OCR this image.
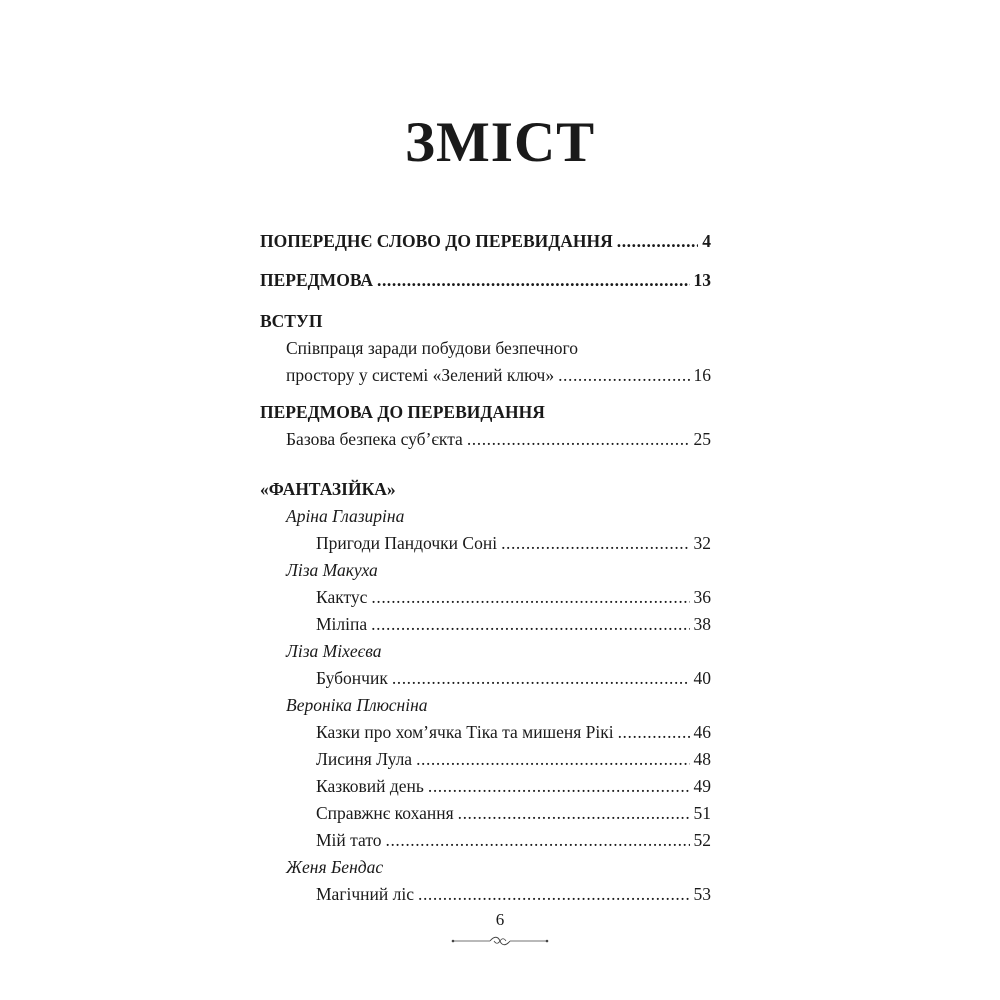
ЗМІСТ
ПОПЕРЕДНЄ СЛОВО ДО ПЕРЕВИДАННЯ . . .	4
ПЕРЕДМОВА . . .	13
ВСТУП
Співпраця заради побудови безпечного
простору у системі «Зелений ключ» . . .	16
ПЕРЕДМОВА ДО ПЕРЕВИДАННЯ
Базова безпека суб’єкта . . .	25
«ФАНТАЗІЙКА»
Аріна Глазиріна
Пригоди Пандочки Соні . . .	32
Ліза Макуха
Кактус . . .	36
Міліпа . . .	38
Ліза Міхеєва
Бубончик . . .	40
Вероніка Плюсніна
Казки про хом’ячка Тіка та мишеня Рікі . . .	46
Лисиня Лула . . .	48
Казковий день . . .	49
Справжнє кохання . . .	51
Мій тато . . .	52
Женя Бендас
Магічний ліс . . .	53
6
